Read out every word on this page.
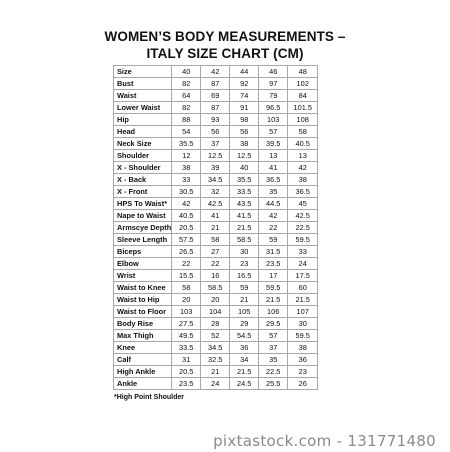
WOMEN’S BODY MEASUREMENTS –
ITALY SIZE CHART (CM)
Size	40	42	44	46	48
Bust	82	87	92	97	102
Waist	64	69	74	79	84
Lower Waist	82	87	91	96.5	101.5
Hip	88	93	98	103	108
Head	54	56	56	57	58
Neck Size	35.5	37	38	39.5	40.5
Shoulder	12	12.5	12.5	13	13
X - Shoulder	38	39	40	41	42
X - Back	33	34.5	35.5	36.5	38
X - Front	30.5	32	33.5	35	36.5
HPS To Waist*	42	42.5	43.5	44.5	45
Nape to Waist	40.5	41	41.5	42	42.5
Armscye Depth	20.5	21	21.5	22	22.5
Sleeve Length	57.5	58	58.5	59	59.5
Biceps	26.5	27	30	31.5	33
Elbow	22	22	23	23.5	24
Wrist	15.5	16	16.5	17	17.5
Waist to Knee	58	58.5	59	59.5	60
Waist to Hip	20	20	21	21.5	21.5
Waist to Floor	103	104	105	106	107
Body Rise	27.5	28	29	29.5	30
Max Thigh	49.5	52	54.5	57	59.5
Knee	33.5	34.5	36	37	38
Calf	31	32.5	34	35	36
High Ankle	20.5	21	21.5	22.5	23
Ankle	23.5	24	24.5	25.5	26
*High Point Shoulder
pixtastock.com - 131771480
